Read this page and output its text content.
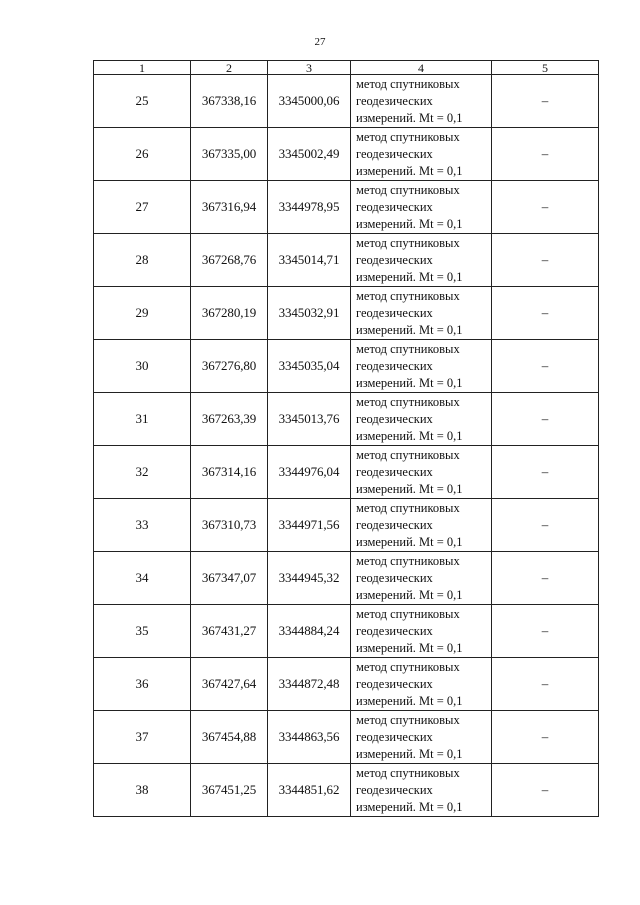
27
1	2	3	4	5
25	367338,16	3345000,06	метод спутниковых
геодезических
измерений. Mt = 0,1	–
26	367335,00	3345002,49	метод спутниковых
геодезических
измерений. Mt = 0,1	–
27	367316,94	3344978,95	метод спутниковых
геодезических
измерений. Mt = 0,1	–
28	367268,76	3345014,71	метод спутниковых
геодезических
измерений. Mt = 0,1	–
29	367280,19	3345032,91	метод спутниковых
геодезических
измерений. Mt = 0,1	–
30	367276,80	3345035,04	метод спутниковых
геодезических
измерений. Mt = 0,1	–
31	367263,39	3345013,76	метод спутниковых
геодезических
измерений. Mt = 0,1	–
32	367314,16	3344976,04	метод спутниковых
геодезических
измерений. Mt = 0,1	–
33	367310,73	3344971,56	метод спутниковых
геодезических
измерений. Mt = 0,1	–
34	367347,07	3344945,32	метод спутниковых
геодезических
измерений. Mt = 0,1	–
35	367431,27	3344884,24	метод спутниковых
геодезических
измерений. Mt = 0,1	–
36	367427,64	3344872,48	метод спутниковых
геодезических
измерений. Mt = 0,1	–
37	367454,88	3344863,56	метод спутниковых
геодезических
измерений. Mt = 0,1	–
38	367451,25	3344851,62	метод спутниковых
геодезических
измерений. Mt = 0,1	–
